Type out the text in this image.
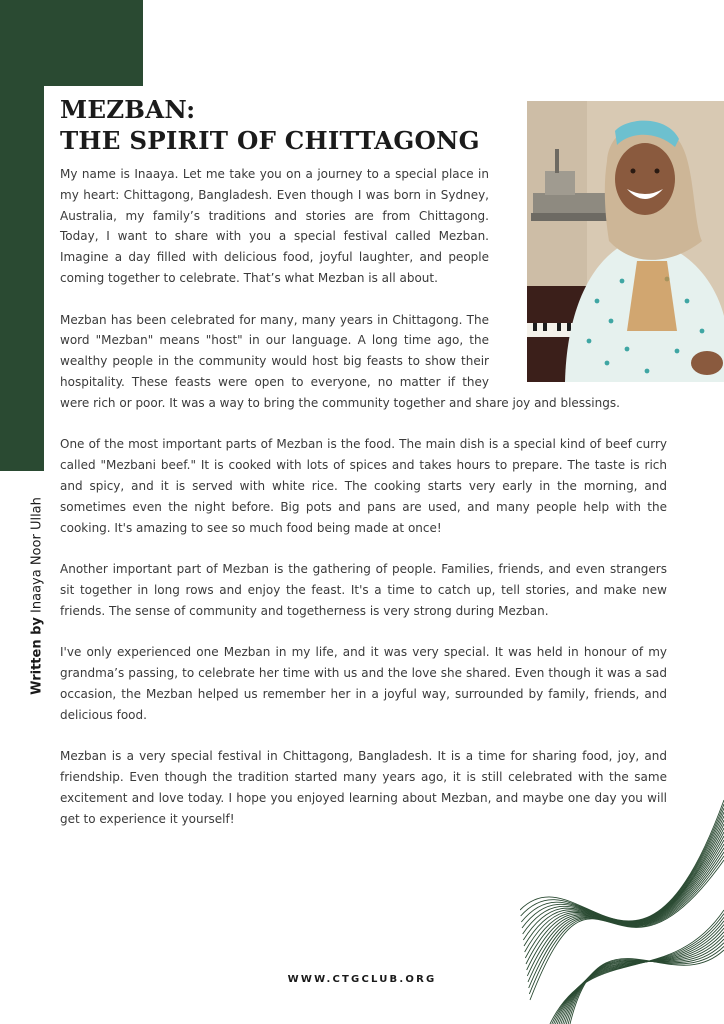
Written by Inaaya Noor Ullah
MEZBAN:
THE SPIRIT OF CHITTAGONG

My name is Inaaya. Let me take you on a journey to a special place in my heart: Chittagong, Bangladesh. Even though I was born in Sydney, Australia, my family’s traditions and stories are from Chittagong. Today, I want to share with you a special festival called Mezban. Imagine a day filled with delicious food, joyful laughter, and people coming together to celebrate. That’s what Mezban is all about.

Mezban has been celebrated for many, many years in Chittagong. The word "Mezban" means "host" in our language. A long time ago, the wealthy people in the community would host big feasts to show their hospitality. These feasts were open to everyone, no matter if they were rich or poor. It was a way to bring the community together and share joy and blessings.

One of the most important parts of Mezban is the food. The main dish is a special kind of beef curry called "Mezbani beef." It is cooked with lots of spices and takes hours to prepare. The taste is rich and spicy, and it is served with white rice. The cooking starts very early in the morning, and sometimes even the night before. Big pots and pans are used, and many people help with the cooking. It's amazing to see so much food being made at once!

Another important part of Mezban is the gathering of people. Families, friends, and even strangers sit together in long rows and enjoy the feast. It's a time to catch up, tell stories, and make new friends. The sense of community and togetherness is very strong during Mezban.

I've only experienced one Mezban in my life, and it was very special. It was held in honour of my grandma’s passing, to celebrate her time with us and the love she shared. Even though it was a sad occasion, the Mezban helped us remember her in a joyful way, surrounded by family, friends, and delicious food.

Mezban is a very special festival in Chittagong, Bangladesh. It is a time for sharing food, joy, and friendship. Even though the tradition started many years ago, it is still celebrated with the same excitement and love today. I hope you enjoyed learning about Mezban, and maybe one day you will get to experience it yourself!

WWW.CTGCLUB.ORG
